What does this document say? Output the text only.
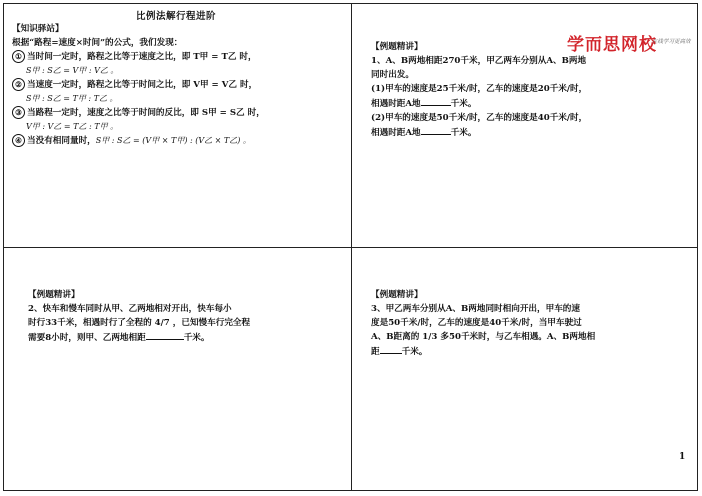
比例法解行程进阶
学而思网校
在线学习更高效
【知识驿站】
根据“路程=速度×时间”的公式，我们发现：
① 当时间一定时，路程之比等于速度之比，即 T甲 = T乙 时，
S甲 : S乙 = V甲 : V乙 。
② 当速度一定时，路程之比等于时间之比，即 V甲 = V乙 时，
S甲 : S乙 = T甲 : T乙 。
③ 当路程一定时，速度之比等于时间的反比，即 S甲 = S乙 时，
V甲 : V乙 = T乙 : T甲 。
④ 当没有相同量时，S甲 : S乙 = (V甲 × T甲) : (V乙 × T乙) 。
【例题精讲】
1、A、B两地相距270千米，甲乙两车分别从A、B两地
同时出发。
(1)甲车的速度是25千米/时，乙车的速度是20千米/时，
相遇时距A地	千米。
(2)甲车的速度是50千米/时，乙车的速度是40千米/时，
相遇时距A地	千米。
【例题精讲】
2、快车和慢车同时从甲、乙两地相对开出，快车每小
时行33千米，相遇时行了全程的 4/7 ，已知慢车行完全程
需要8小时，则甲、乙两地相距	千米。
【例题精讲】
3、甲乙两车分别从A、B两地同时相向开出，甲车的速
度是50千米/时，乙车的速度是40千米/时，当甲车驶过
A、B距离的 1/3 多50千米时，与乙车相遇。A、B两地相
距	千米。
1
